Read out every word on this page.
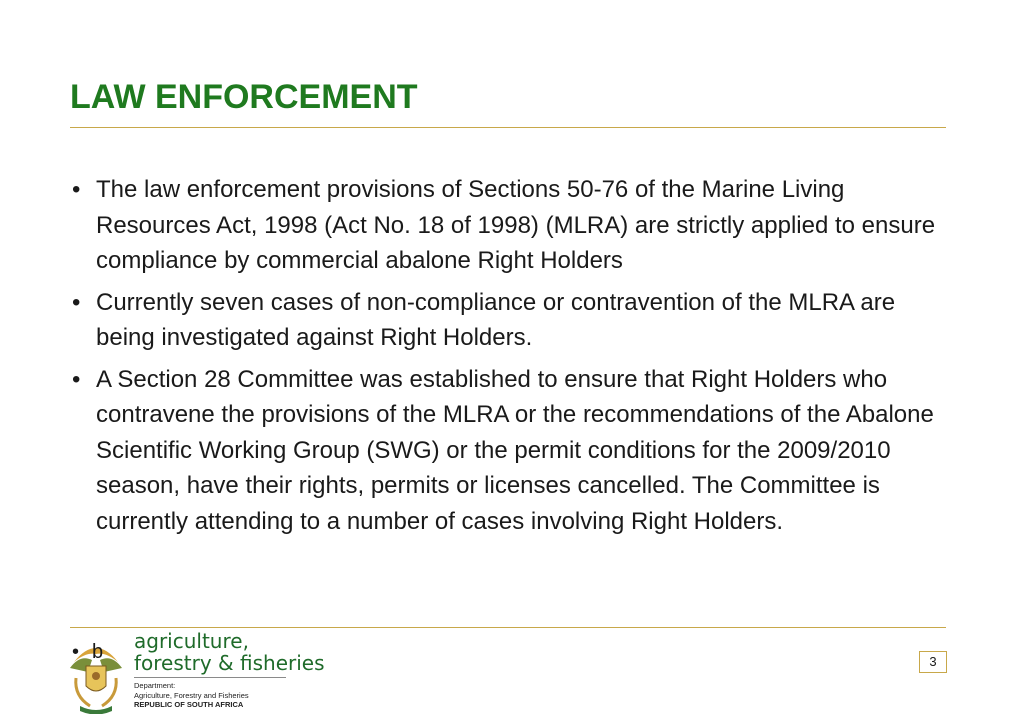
LAW ENFORCEMENT
• The law enforcement provisions of Sections 50-76 of the Marine Living Resources Act, 1998 (Act No. 18 of 1998) (MLRA) are strictly applied to ensure compliance by commercial abalone Right Holders
• Currently seven cases of non-compliance or contravention of the MLRA are being investigated against Right Holders.
• A Section 28 Committee was established to ensure that Right Holders who contravene the provisions of the MLRA or the recommendations of the Abalone Scientific Working Group (SWG) or the permit conditions for the 2009/2010 season, have their rights, permits or licenses cancelled. The Committee is currently attending to a number of cases involving Right Holders.
• b agriculture,
forestry & fisheries
Department:
Agriculture, Forestry and Fisheries
REPUBLIC OF SOUTH AFRICA
3
